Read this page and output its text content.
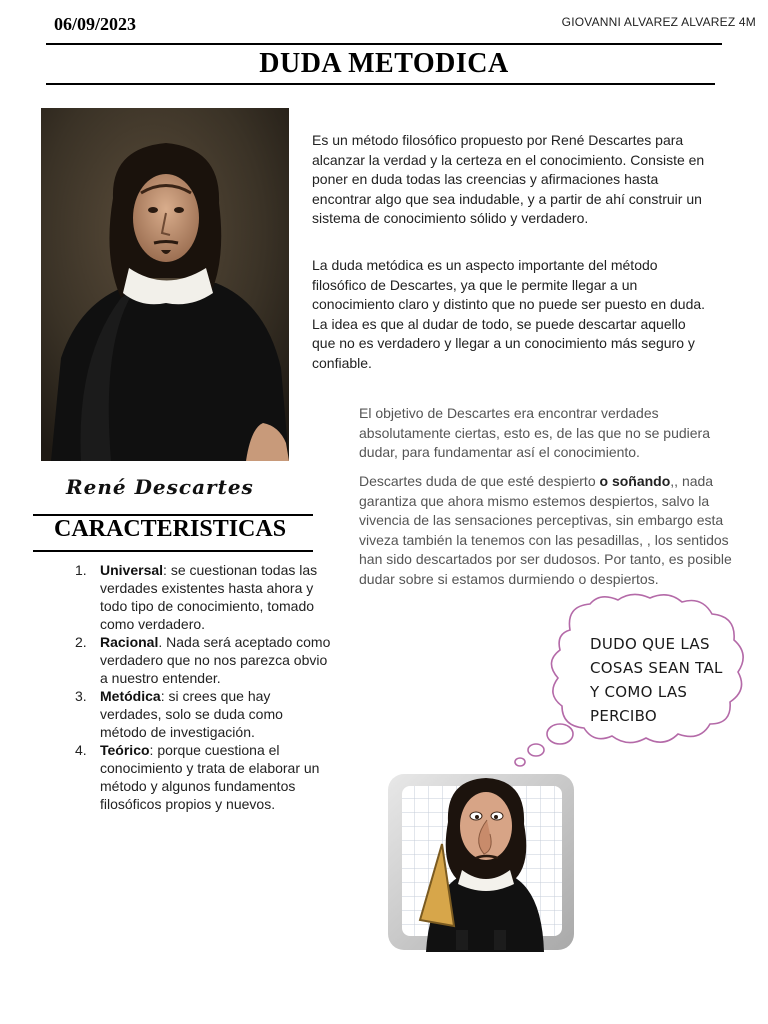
06/09/2023	GIOVANNI ALVAREZ ALVAREZ 4M
DUDA METODICA
René Descartes
CARACTERISTICAS
Universal: se cuestionan todas las verdades existentes hasta ahora y todo tipo de conocimiento, tomado como verdadero.
Racional. Nada será aceptado como verdadero que no nos parezca obvio a nuestro entender.
Metódica: si crees que hay verdades, solo se duda como método de investigación.
Teórico: porque cuestiona el conocimiento y trata de elaborar un método y algunos fundamentos filosóficos propios y nuevos.

Es un método filosófico propuesto por René Descartes para alcanzar la verdad y la certeza en el conocimiento. Consiste en poner en duda todas las creencias y afirmaciones hasta encontrar algo que sea indudable, y a partir de ahí construir un sistema de conocimiento sólido y verdadero.

La duda metódica es un aspecto importante del método filosófico de Descartes, ya que le permite llegar a un conocimiento claro y distinto que no puede ser puesto en duda. La idea es que al dudar de todo, se puede descartar aquello que no es verdadero y llegar a un conocimiento más seguro y confiable.

El objetivo de Descartes era encontrar verdades absolutamente ciertas, esto es, de las que no se pudiera dudar, para fundamentar así el conocimiento.

Descartes duda de que esté despierto o soñando,, nada garantiza que ahora mismo estemos despiertos, salvo la vivencia de las sensaciones perceptivas, sin embargo esta viveza también la tenemos con las pesadillas, , los sentidos han sido descartados por ser dudosos. Por tanto, es posible dudar sobre si estamos durmiendo o despiertos.

DUDO QUE LAS
COSAS SEAN TAL
Y COMO LAS
PERCIBO
